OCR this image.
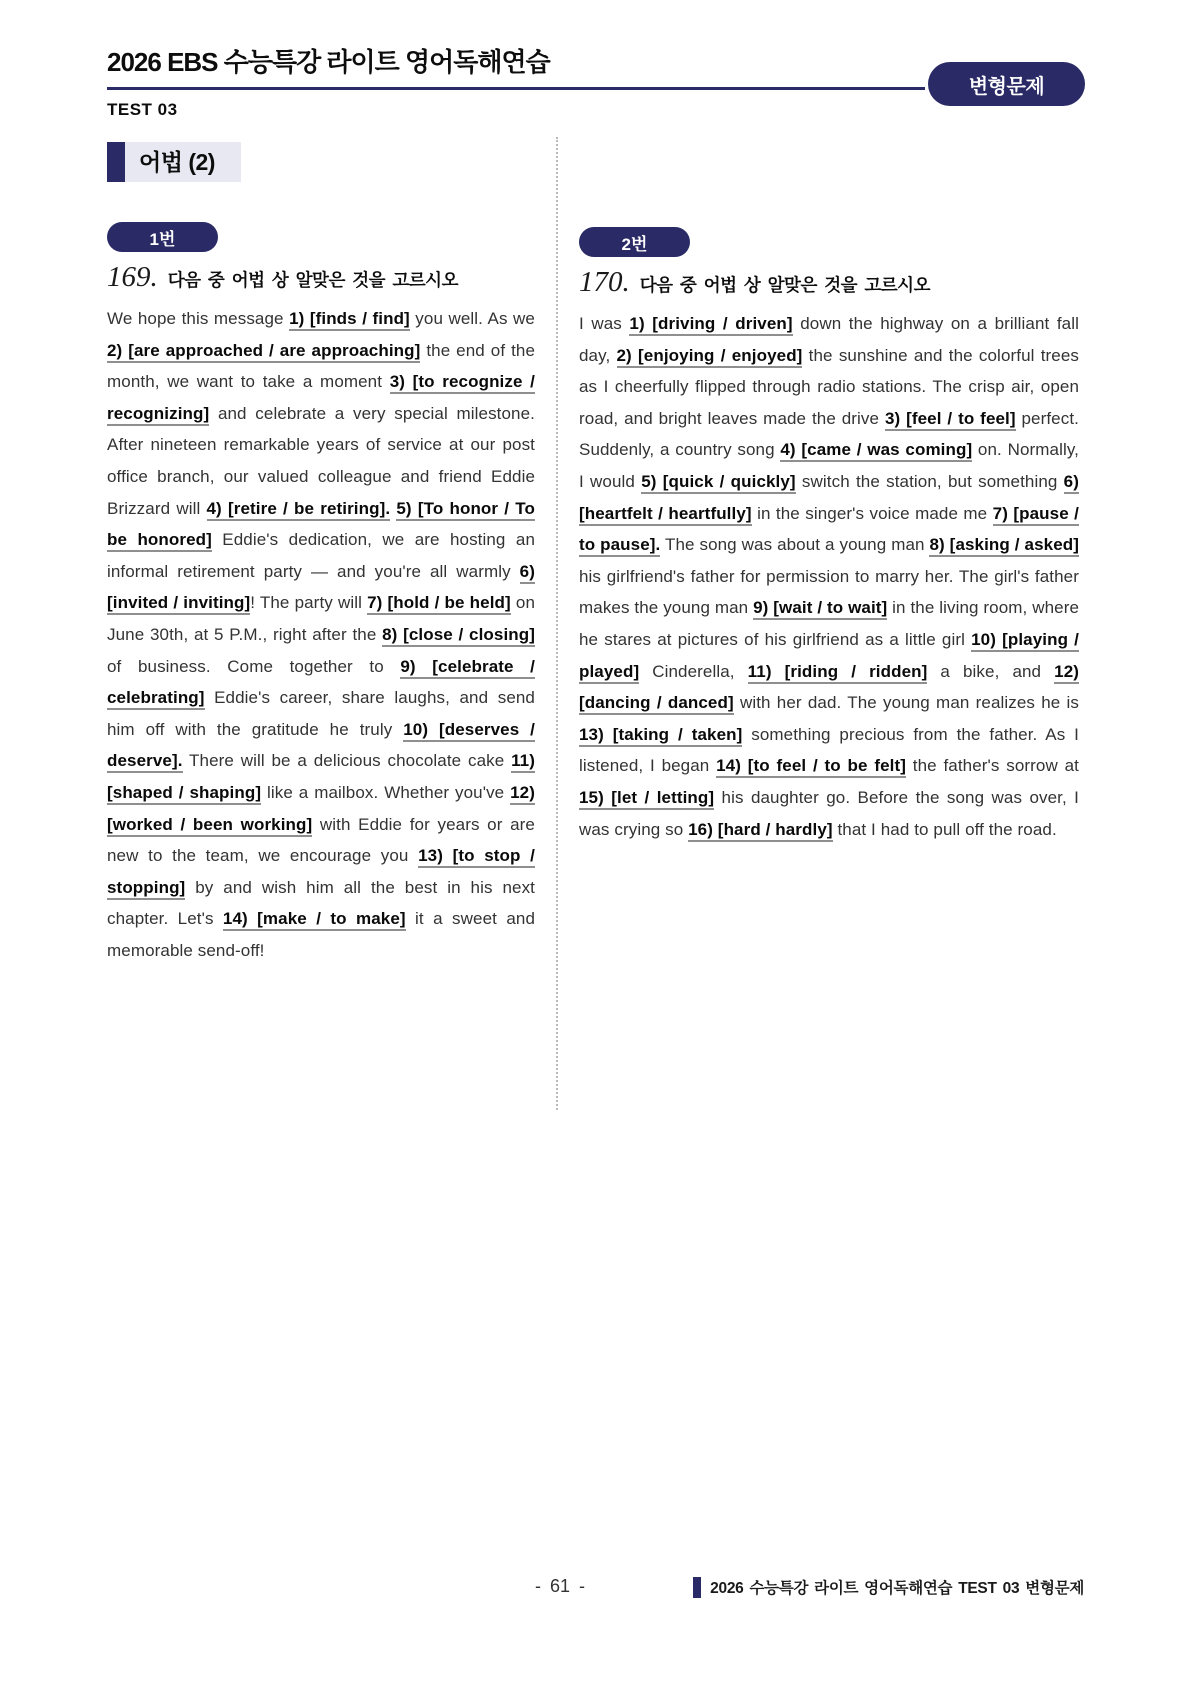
2026 EBS 수능특강 라이트 영어독해연습
TEST 03
변형문제
어법 (2)
1번
169. 다음 중 어법 상 알맞은 것을 고르시오
We hope this message 1) [finds / find] you well. As we 2) [are approached / are approaching] the end of the month, we want to take a moment 3) [to recognize / recognizing] and celebrate a very special milestone. After nineteen remarkable years of service at our post office branch, our valued colleague and friend Eddie Brizzard will 4) [retire / be retiring]. 5) [To honor / To be honored] Eddie's dedication, we are hosting an informal retirement party — and you're all warmly 6) [invited / inviting]! The party will 7) [hold / be held] on June 30th, at 5 P.M., right after the 8) [close / closing] of business. Come together to 9) [celebrate / celebrating] Eddie's career, share laughs, and send him off with the gratitude he truly 10) [deserves / deserve]. There will be a delicious chocolate cake 11) [shaped / shaping] like a mailbox. Whether you've 12) [worked / been working] with Eddie for years or are new to the team, we encourage you 13) [to stop / stopping] by and wish him all the best in his next chapter. Let's 14) [make / to make] it a sweet and memorable send-off!
2번
170. 다음 중 어법 상 알맞은 것을 고르시오
I was 1) [driving / driven] down the highway on a brilliant fall day, 2) [enjoying / enjoyed] the sunshine and the colorful trees as I cheerfully flipped through radio stations. The crisp air, open road, and bright leaves made the drive 3) [feel / to feel] perfect. Suddenly, a country song 4) [came / was coming] on. Normally, I would 5) [quick / quickly] switch the station, but something 6) [heartfelt / heartfully] in the singer's voice made me 7) [pause / to pause]. The song was about a young man 8) [asking / asked] his girlfriend's father for permission to marry her. The girl's father makes the young man 9) [wait / to wait] in the living room, where he stares at pictures of his girlfriend as a little girl 10) [playing / played] Cinderella, 11) [riding / ridden] a bike, and 12) [dancing / danced] with her dad. The young man realizes he is 13) [taking / taken] something precious from the father. As I listened, I began 14) [to feel / to be felt] the father's sorrow at 15) [let / letting] his daughter go. Before the song was over, I was crying so 16) [hard / hardly] that I had to pull off the road.
- 61 -	2026 수능특강 라이트 영어독해연습 TEST 03 변형문제
